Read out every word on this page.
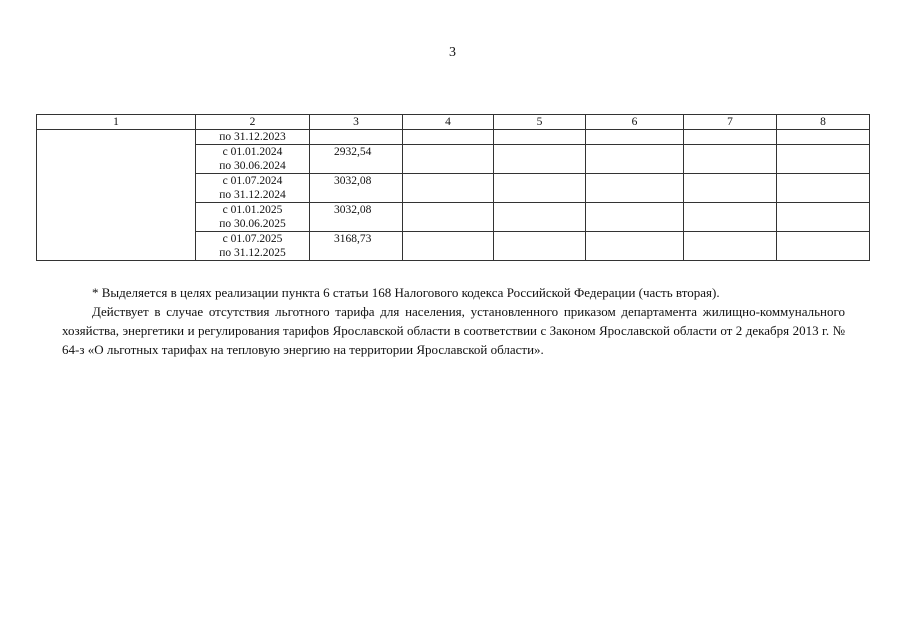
3
1	2	3	4	5	6	7	8

	по 31.12.2023						

	с 01.01.2024
по 30.06.2024	2932,54					

	с 01.07.2024
по 31.12.2024	3032,08					

	с 01.01.2025
по 30.06.2025	3032,08					

	с 01.07.2025
по 31.12.2025	3168,73					

* Выделяется в целях реализации пункта 6 статьи 168 Налогового кодекса Российской Федерации (часть вторая).

Действует в случае отсутствия льготного тарифа для населения, установленного приказом департамента жилищно-коммунального хозяйства, энергетики и регулирования тарифов Ярославской области в соответствии с Законом Ярославской области от 2 декабря 2013 г. № 64-з «О льготных тарифах на тепловую энергию на территории Ярославской области».
